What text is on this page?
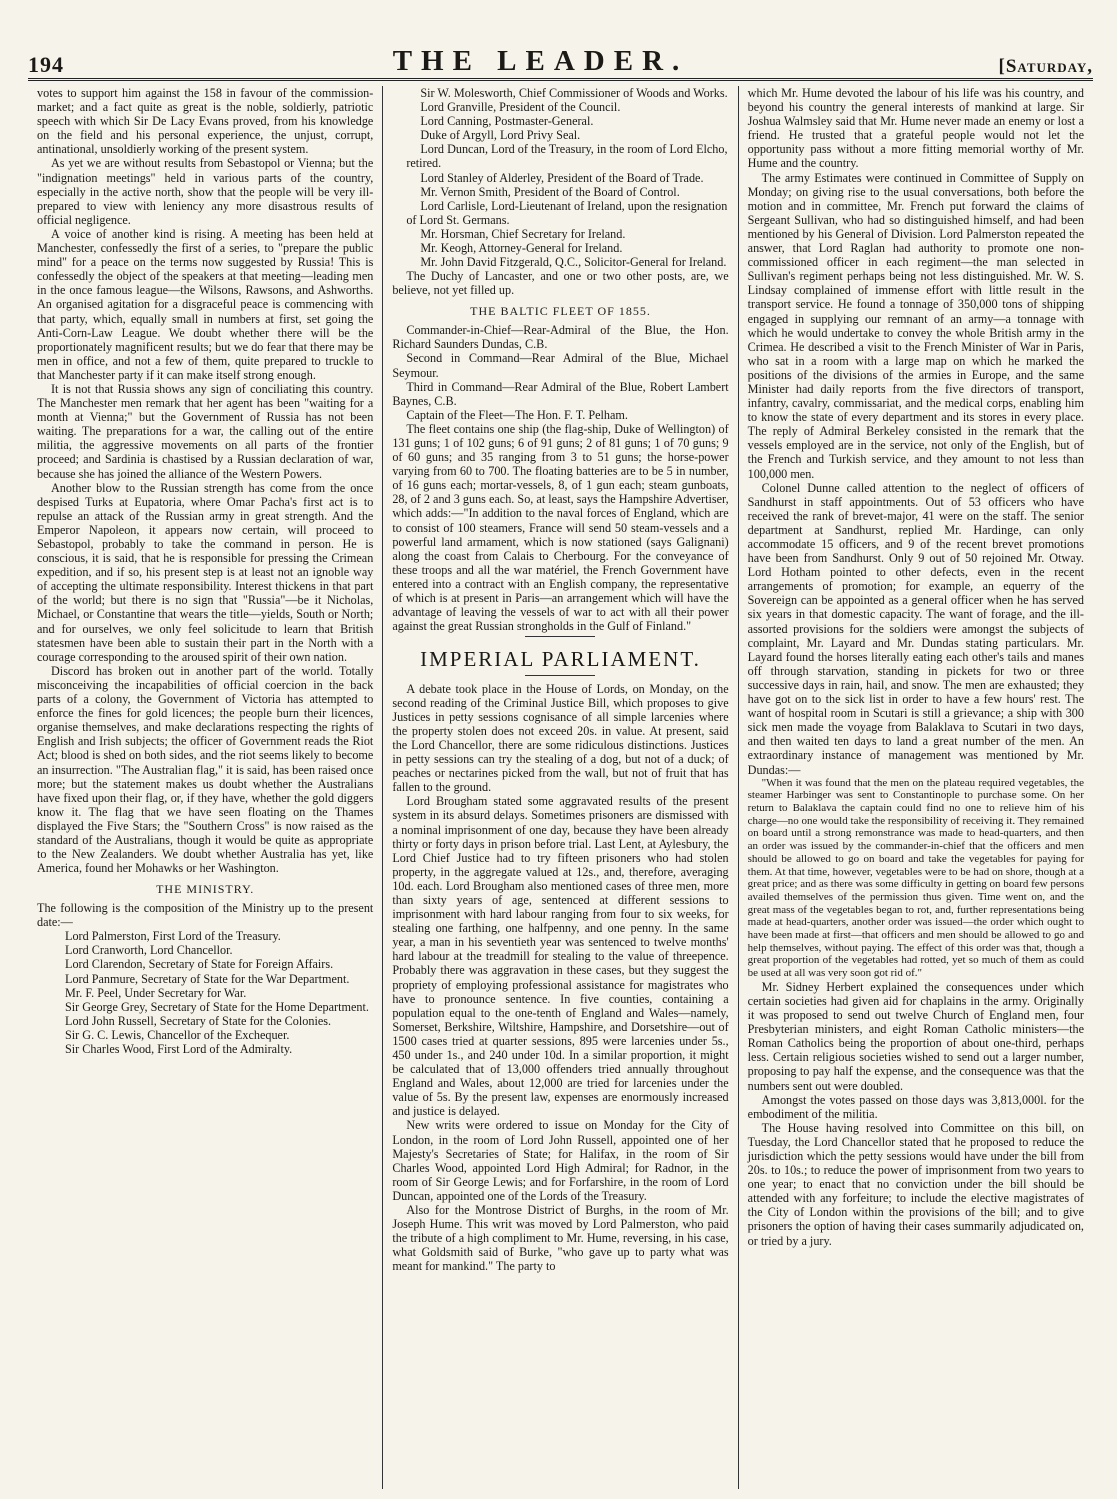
194	THE LEADER.	[Saturday,

votes to support him against the 158 in favour of the commission-market; and a fact quite as great is the noble, soldierly, patriotic speech with which Sir De Lacy Evans proved, from his knowledge on the field and his personal experience, the unjust, corrupt, antinational, unsoldierly working of the present system.

As yet we are without results from Sebastopol or Vienna; but the "indignation meetings" held in various parts of the country, especially in the active north, show that the people will be very ill-prepared to view with leniency any more disastrous results of official negligence.

A voice of another kind is rising. A meeting has been held at Manchester, confessedly the first of a series, to "prepare the public mind" for a peace on the terms now suggested by Russia! This is confessedly the object of the speakers at that meeting—leading men in the once famous league—the Wilsons, Rawsons, and Ashworths. An organised agitation for a disgraceful peace is commencing with that party, which, equally small in numbers at first, set going the Anti-Corn-Law League. We doubt whether there will be the proportionately magnificent results; but we do fear that there may be men in office, and not a few of them, quite prepared to truckle to that Manchester party if it can make itself strong enough.

It is not that Russia shows any sign of conciliating this country. The Manchester men remark that her agent has been "waiting for a month at Vienna;" but the Government of Russia has not been waiting. The preparations for a war, the calling out of the entire militia, the aggressive movements on all parts of the frontier proceed; and Sardinia is chastised by a Russian declaration of war, because she has joined the alliance of the Western Powers.

Another blow to the Russian strength has come from the once despised Turks at Eupatoria, where Omar Pacha's first act is to repulse an attack of the Russian army in great strength. And the Emperor Napoleon, it appears now certain, will proceed to Sebastopol, probably to take the command in person. He is conscious, it is said, that he is responsible for pressing the Crimean expedition, and if so, his present step is at least not an ignoble way of accepting the ultimate responsibility. Interest thickens in that part of the world; but there is no sign that "Russia"—be it Nicholas, Michael, or Constantine that wears the title—yields, South or North; and for ourselves, we only feel solicitude to learn that British statesmen have been able to sustain their part in the North with a courage corresponding to the aroused spirit of their own nation.

Discord has broken out in another part of the world. Totally misconceiving the incapabilities of official coercion in the back parts of a colony, the Government of Victoria has attempted to enforce the fines for gold licences; the people burn their licences, organise themselves, and make declarations respecting the rights of English and Irish subjects; the officer of Government reads the Riot Act; blood is shed on both sides, and the riot seems likely to become an insurrection. "The Australian flag," it is said, has been raised once more; but the statement makes us doubt whether the Australians have fixed upon their flag, or, if they have, whether the gold diggers know it. The flag that we have seen floating on the Thames displayed the Five Stars; the "Southern Cross" is now raised as the standard of the Australians, though it would be quite as appropriate to the New Zealanders. We doubt whether Australia has yet, like America, found her Mohawks or her Washington.

THE MINISTRY.

The following is the composition of the Ministry up to the present date:—

Lord Palmerston, First Lord of the Treasury.

Lord Cranworth, Lord Chancellor.

Lord Clarendon, Secretary of State for Foreign Affairs.

Lord Panmure, Secretary of State for the War Department.

Mr. F. Peel, Under Secretary for War.

Sir George Grey, Secretary of State for the Home Department.

Lord John Russell, Secretary of State for the Colonies.

Sir G. C. Lewis, Chancellor of the Exchequer.

Sir Charles Wood, First Lord of the Admiralty.

Sir W. Molesworth, Chief Commissioner of Woods and Works.

Lord Granville, President of the Council.

Lord Canning, Postmaster-General.

Duke of Argyll, Lord Privy Seal.

Lord Duncan, Lord of the Treasury, in the room of Lord Elcho, retired.

Lord Stanley of Alderley, President of the Board of Trade.

Mr. Vernon Smith, President of the Board of Control.

Lord Carlisle, Lord-Lieutenant of Ireland, upon the resignation of Lord St. Germans.

Mr. Horsman, Chief Secretary for Ireland.

Mr. Keogh, Attorney-General for Ireland.

Mr. John David Fitzgerald, Q.C., Solicitor-General for Ireland.

The Duchy of Lancaster, and one or two other posts, are, we believe, not yet filled up.

THE BALTIC FLEET OF 1855.

Commander-in-Chief—Rear-Admiral of the Blue, the Hon. Richard Saunders Dundas, C.B.

Second in Command—Rear Admiral of the Blue, Michael Seymour.

Third in Command—Rear Admiral of the Blue, Robert Lambert Baynes, C.B.

Captain of the Fleet—The Hon. F. T. Pelham.

The fleet contains one ship (the flag-ship, Duke of Wellington) of 131 guns; 1 of 102 guns; 6 of 91 guns; 2 of 81 guns; 1 of 70 guns; 9 of 60 guns; and 35 ranging from 3 to 51 guns; the horse-power varying from 60 to 700. The floating batteries are to be 5 in number, of 16 guns each; mortar-vessels, 8, of 1 gun each; steam gunboats, 28, of 2 and 3 guns each. So, at least, says the Hampshire Advertiser, which adds:—"In addition to the naval forces of England, which are to consist of 100 steamers, France will send 50 steam-vessels and a powerful land armament, which is now stationed (says Galignani) along the coast from Calais to Cherbourg. For the conveyance of these troops and all the war matériel, the French Government have entered into a contract with an English company, the representative of which is at present in Paris—an arrangement which will have the advantage of leaving the vessels of war to act with all their power against the great Russian strongholds in the Gulf of Finland."

IMPERIAL PARLIAMENT.

A debate took place in the House of Lords, on Monday, on the second reading of the Criminal Justice Bill, which proposes to give Justices in petty sessions cognisance of all simple larcenies where the property stolen does not exceed 20s. in value. At present, said the Lord Chancellor, there are some ridiculous distinctions. Justices in petty sessions can try the stealing of a dog, but not of a duck; of peaches or nectarines picked from the wall, but not of fruit that has fallen to the ground.

Lord Brougham stated some aggravated results of the present system in its absurd delays. Sometimes prisoners are dismissed with a nominal imprisonment of one day, because they have been already thirty or forty days in prison before trial. Last Lent, at Aylesbury, the Lord Chief Justice had to try fifteen prisoners who had stolen property, in the aggregate valued at 12s., and, therefore, averaging 10d. each. Lord Brougham also mentioned cases of three men, more than sixty years of age, sentenced at different sessions to imprisonment with hard labour ranging from four to six weeks, for stealing one farthing, one halfpenny, and one penny. In the same year, a man in his seventieth year was sentenced to twelve months' hard labour at the treadmill for stealing to the value of threepence. Probably there was aggravation in these cases, but they suggest the propriety of employing professional assistance for magistrates who have to pronounce sentence. In five counties, containing a population equal to the one-tenth of England and Wales—namely, Somerset, Berkshire, Wiltshire, Hampshire, and Dorsetshire—out of 1500 cases tried at quarter sessions, 895 were larcenies under 5s., 450 under 1s., and 240 under 10d. In a similar proportion, it might be calculated that of 13,000 offenders tried annually throughout England and Wales, about 12,000 are tried for larcenies under the value of 5s. By the present law, expenses are enormously increased and justice is delayed.

New writs were ordered to issue on Monday for the City of London, in the room of Lord John Russell, appointed one of her Majesty's Secretaries of State; for Halifax, in the room of Sir Charles Wood, appointed Lord High Admiral; for Radnor, in the room of Sir George Lewis; and for Forfarshire, in the room of Lord Duncan, appointed one of the Lords of the Treasury.

Also for the Montrose District of Burghs, in the room of Mr. Joseph Hume. This writ was moved by Lord Palmerston, who paid the tribute of a high compliment to Mr. Hume, reversing, in his case, what Goldsmith said of Burke, "who gave up to party what was meant for mankind." The party to

which Mr. Hume devoted the labour of his life was his country, and beyond his country the general interests of mankind at large. Sir Joshua Walmsley said that Mr. Hume never made an enemy or lost a friend. He trusted that a grateful people would not let the opportunity pass without a more fitting memorial worthy of Mr. Hume and the country.

The army Estimates were continued in Committee of Supply on Monday; on giving rise to the usual conversations, both before the motion and in committee, Mr. French put forward the claims of Sergeant Sullivan, who had so distinguished himself, and had been mentioned by his General of Division. Lord Palmerston repeated the answer, that Lord Raglan had authority to promote one non-commissioned officer in each regiment—the man selected in Sullivan's regiment perhaps being not less distinguished. Mr. W. S. Lindsay complained of immense effort with little result in the transport service. He found a tonnage of 350,000 tons of shipping engaged in supplying our remnant of an army—a tonnage with which he would undertake to convey the whole British army in the Crimea. He described a visit to the French Minister of War in Paris, who sat in a room with a large map on which he marked the positions of the divisions of the armies in Europe, and the same Minister had daily reports from the five directors of transport, infantry, cavalry, commissariat, and the medical corps, enabling him to know the state of every department and its stores in every place. The reply of Admiral Berkeley consisted in the remark that the vessels employed are in the service, not only of the English, but of the French and Turkish service, and they amount to not less than 100,000 men.

Colonel Dunne called attention to the neglect of officers of Sandhurst in staff appointments. Out of 53 officers who have received the rank of brevet-major, 41 were on the staff. The senior department at Sandhurst, replied Mr. Hardinge, can only accommodate 15 officers, and 9 of the recent brevet promotions have been from Sandhurst. Only 9 out of 50 rejoined Mr. Otway. Lord Hotham pointed to other defects, even in the recent arrangements of promotion; for example, an equerry of the Sovereign can be appointed as a general officer when he has served six years in that domestic capacity. The want of forage, and the ill-assorted provisions for the soldiers were amongst the subjects of complaint, Mr. Layard and Mr. Dundas stating particulars. Mr. Layard found the horses literally eating each other's tails and manes off through starvation, standing in pickets for two or three successive days in rain, hail, and snow. The men are exhausted; they have got on to the sick list in order to have a few hours' rest. The want of hospital room in Scutari is still a grievance; a ship with 300 sick men made the voyage from Balaklava to Scutari in two days, and then waited ten days to land a great number of the men. An extraordinary instance of management was mentioned by Mr. Dundas:—

"When it was found that the men on the plateau required vegetables, the steamer Harbinger was sent to Constantinople to purchase some. On her return to Balaklava the captain could find no one to relieve him of his charge—no one would take the responsibility of receiving it. They remained on board until a strong remonstrance was made to head-quarters, and then an order was issued by the commander-in-chief that the officers and men should be allowed to go on board and take the vegetables for paying for them. At that time, however, vegetables were to be had on shore, though at a great price; and as there was some difficulty in getting on board few persons availed themselves of the permission thus given. Time went on, and the great mass of the vegetables began to rot, and, further representations being made at head-quarters, another order was issued—the order which ought to have been made at first—that officers and men should be allowed to go and help themselves, without paying. The effect of this order was that, though a great proportion of the vegetables had rotted, yet so much of them as could be used at all was very soon got rid of."

Mr. Sidney Herbert explained the consequences under which certain societies had given aid for chaplains in the army. Originally it was proposed to send out twelve Church of England men, four Presbyterian ministers, and eight Roman Catholic ministers—the Roman Catholics being the proportion of about one-third, perhaps less. Certain religious societies wished to send out a larger number, proposing to pay half the expense, and the consequence was that the numbers sent out were doubled.

Amongst the votes passed on those days was 3,813,000l. for the embodiment of the militia.

The House having resolved into Committee on this bill, on Tuesday, the Lord Chancellor stated that he proposed to reduce the jurisdiction which the petty sessions would have under the bill from 20s. to 10s.; to reduce the power of imprisonment from two years to one year; to enact that no conviction under the bill should be attended with any forfeiture; to include the elective magistrates of the City of London within the provisions of the bill; and to give prisoners the option of having their cases summarily adjudicated on, or tried by a jury.
